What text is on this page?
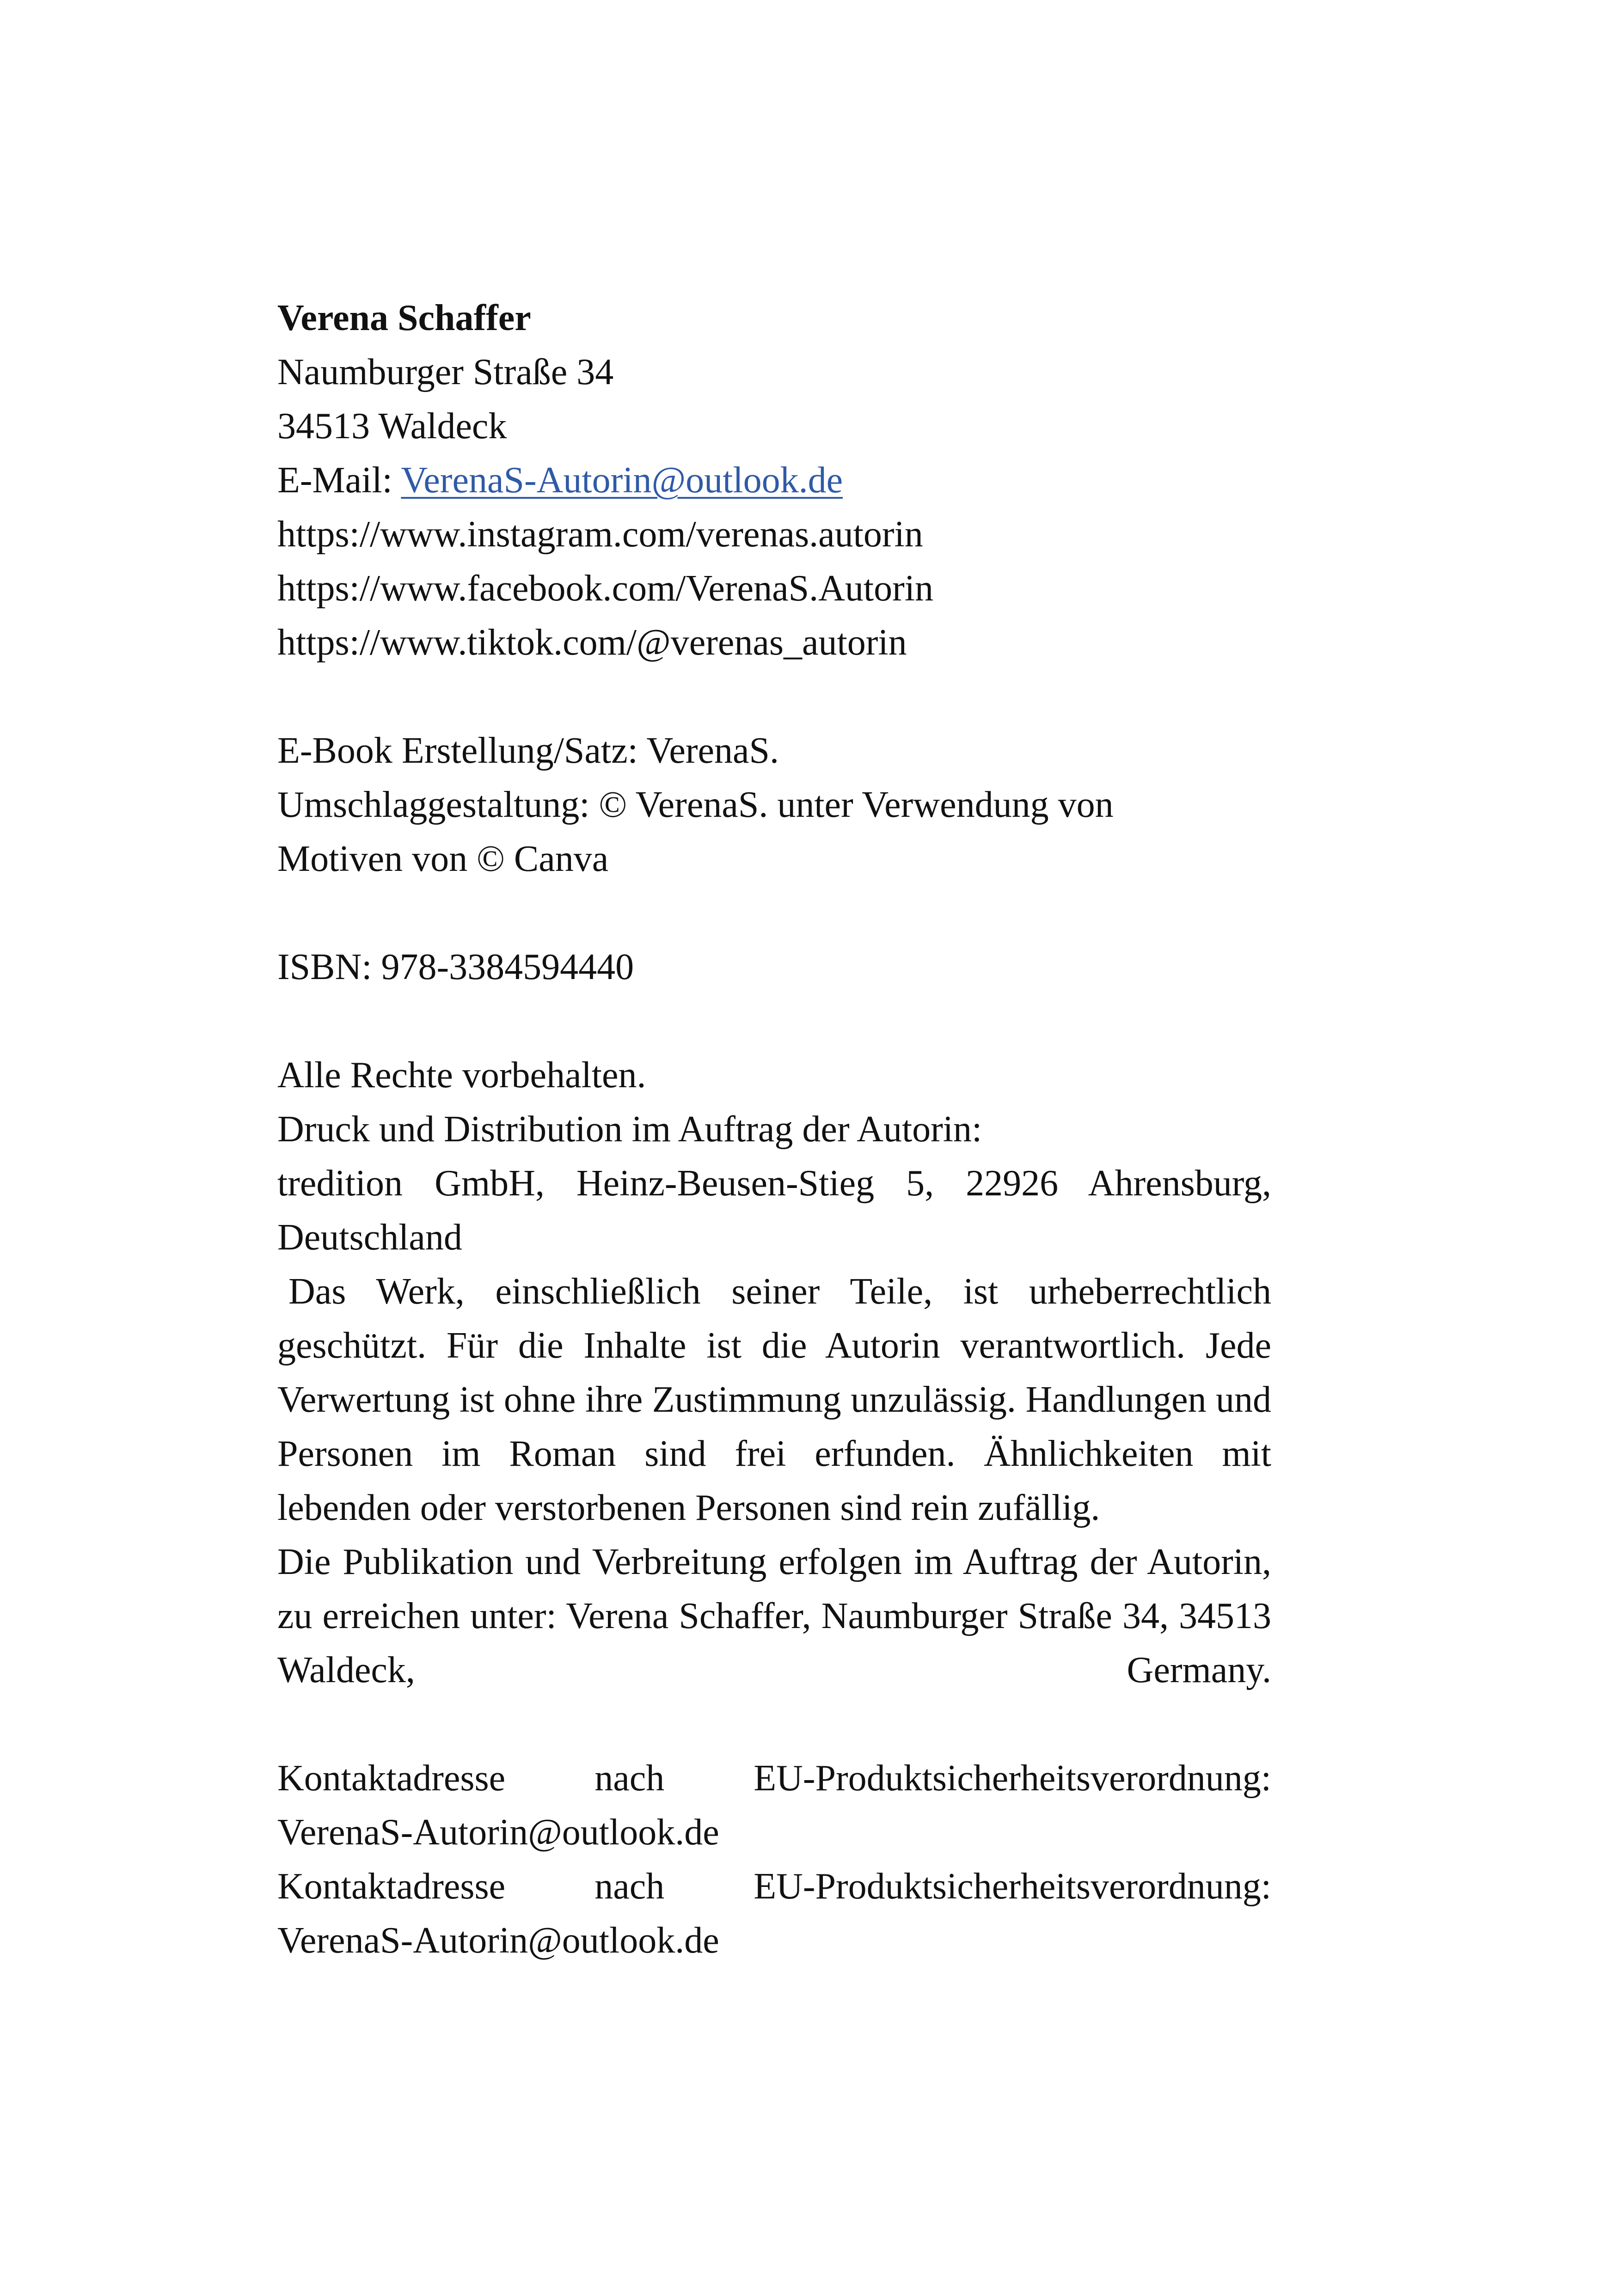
Verena Schaffer
Naumburger Straße 34
34513 Waldeck
E-Mail: VerenaS-Autorin@outlook.de
https://www.instagram.com/verenas.autorin
https://www.facebook.com/VerenaS.Autorin
https://www.tiktok.com/@verenas_autorin
E-Book Erstellung/Satz: VerenaS.
Umschlaggestaltung: © VerenaS. unter Verwendung von
Motiven von © Canva
ISBN: 978-3384594440
Alle Rechte vorbehalten.
Druck und Distribution im Auftrag der Autorin:
tredition GmbH, Heinz-Beusen-Stieg 5, 22926 Ahrensburg, Deutschland
Das Werk, einschließlich seiner Teile, ist urheberrechtlich geschützt. Für die Inhalte ist die Autorin verantwortlich. Jede Verwertung ist ohne ihre Zustimmung unzulässig. Handlungen und Personen im Roman sind frei erfunden. Ähnlichkeiten mit lebenden oder verstorbenen Personen sind rein zufällig.
Die Publikation und Verbreitung erfolgen im Auftrag der Autorin, zu erreichen unter: Verena Schaffer, Naumburger Straße 34, 34513 Waldeck, Germany.
Kontaktadresse nach EU-Produktsicherheitsverordnung:
VerenaS-Autorin@outlook.de
Kontaktadresse nach EU-Produktsicherheitsverordnung:
VerenaS-Autorin@outlook.de
